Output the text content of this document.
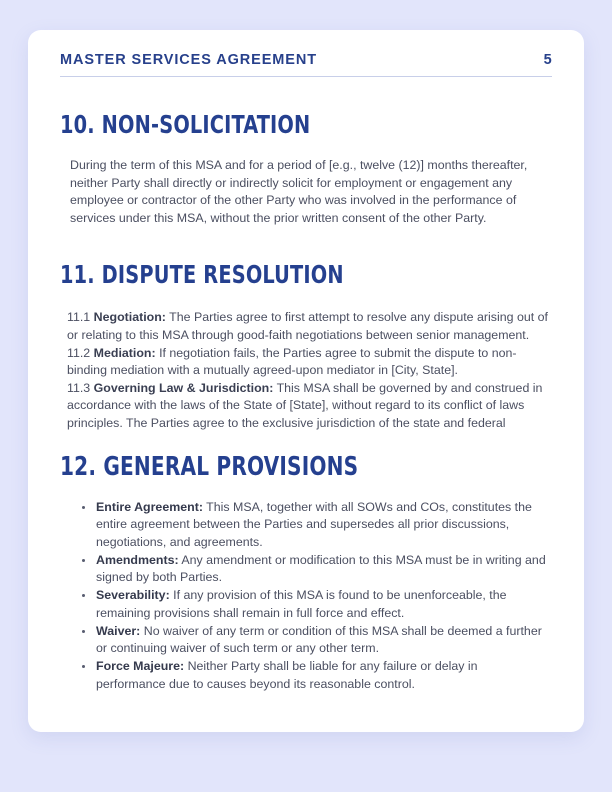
MASTER SERVICES AGREEMENT	5
10. NON-SOLICITATION

During the term of this MSA and for a period of [e.g., twelve (12)] months thereafter, neither Party shall directly or indirectly solicit for employment or engagement any employee or contractor of the other Party who was involved in the performance of services under this MSA, without the prior written consent of the other Party.

11. DISPUTE RESOLUTION

11.1 Negotiation: The Parties agree to first attempt to resolve any dispute arising out of or relating to this MSA through good-faith negotiations between senior management.

11.2 Mediation: If negotiation fails, the Parties agree to submit the dispute to non-binding mediation with a mutually agreed-upon mediator in [City, State].

11.3 Governing Law & Jurisdiction: This MSA shall be governed by and construed in accordance with the laws of the State of [State], without regard to its conflict of laws principles. The Parties agree to the exclusive jurisdiction of the state and federal

12. GENERAL PROVISIONS
Entire Agreement: This MSA, together with all SOWs and COs, constitutes the entire agreement between the Parties and supersedes all prior discussions, negotiations, and agreements.
Amendments: Any amendment or modification to this MSA must be in writing and signed by both Parties.
Severability: If any provision of this MSA is found to be unenforceable, the remaining provisions shall remain in full force and effect.
Waiver: No waiver of any term or condition of this MSA shall be deemed a further or continuing waiver of such term or any other term.
Force Majeure: Neither Party shall be liable for any failure or delay in performance due to causes beyond its reasonable control.
